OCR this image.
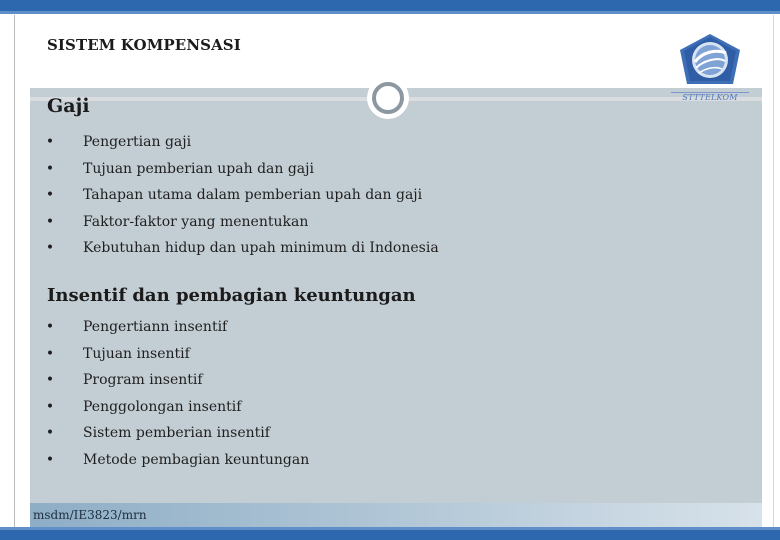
STTTELKOM
SISTEM KOMPENSASI
Gaji
• Pengertian gaji
• Tujuan pemberian upah dan gaji
• Tahapan utama dalam pemberian upah dan gaji
• Faktor-faktor yang menentukan
• Kebutuhan hidup dan upah minimum di Indonesia
Insentif dan pembagian keuntungan
• Pengertiann insentif
• Tujuan insentif
• Program insentif
• Penggolongan insentif
• Sistem pemberian insentif
• Metode pembagian keuntungan
msdm/IE3823/mrn
